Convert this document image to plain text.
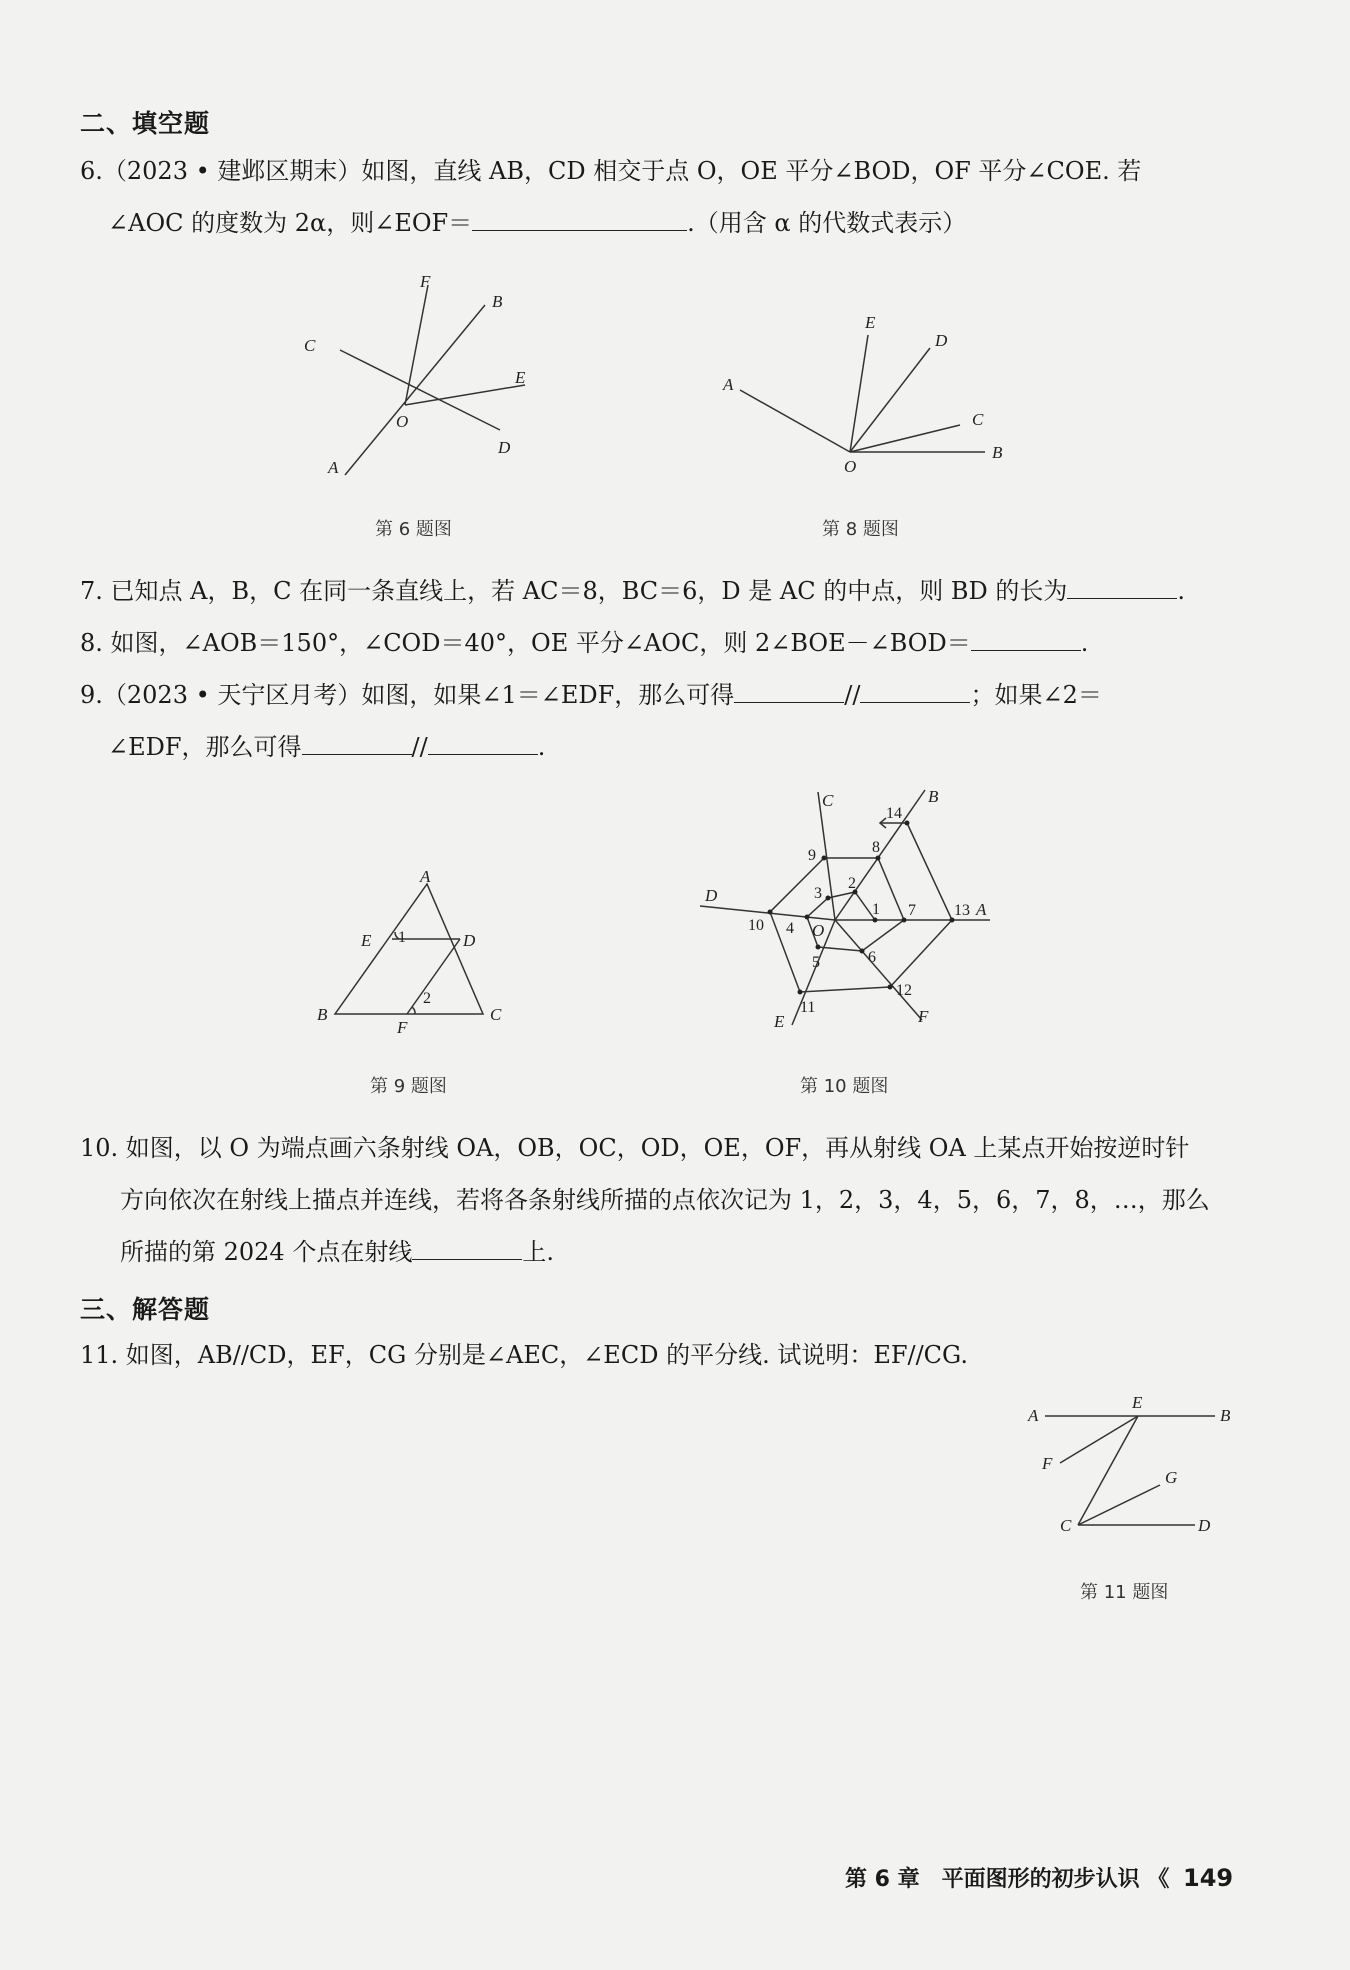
二、填空题
6.（2023 • 建邺区期末）如图，直线 AB，CD 相交于点 O，OE 平分∠BOD，OF 平分∠COE. 若
∠AOC 的度数为 2α，则∠EOF＝	.（用含 α 的代数式表示）
F
B
C
E
O
D
A
第 6 题图
E
D
A
C
O
B
第 8 题图
7. 已知点 A，B，C 在同一条直线上，若 AC＝8，BC＝6，D 是 AC 的中点，则 BD 的长为	.
8. 如图，∠AOB＝150°，∠COD＝40°，OE 平分∠AOC，则 2∠BOE－∠BOD＝	.
9.（2023 • 天宁区月考）如图，如果∠1＝∠EDF，那么可得	//	；如果∠2＝
∠EDF，那么可得	//	.
A
E 1	D
B
2
F
C
第 9 题图
C
14
B
8
9
2
3
1 7 13 A
D
10 4 O
6
5
12
11
E	F
第 10 题图
10. 如图，以 O 为端点画六条射线 OA，OB，OC，OD，OE，OF，再从射线 OA 上某点开始按逆时针
方向依次在射线上描点并连线，若将各条射线所描的点依次记为 1，2，3，4，5，6，7，8，…，那么
所描的第 2024 个点在射线	上.
三、解答题
11. 如图，AB//CD，EF，CG 分别是∠AEC，∠ECD 的平分线. 试说明：EF//CG.
A
E
B
F
G
C	D
第 11 题图
第 6 章　平面图形的初步认识 《 149
